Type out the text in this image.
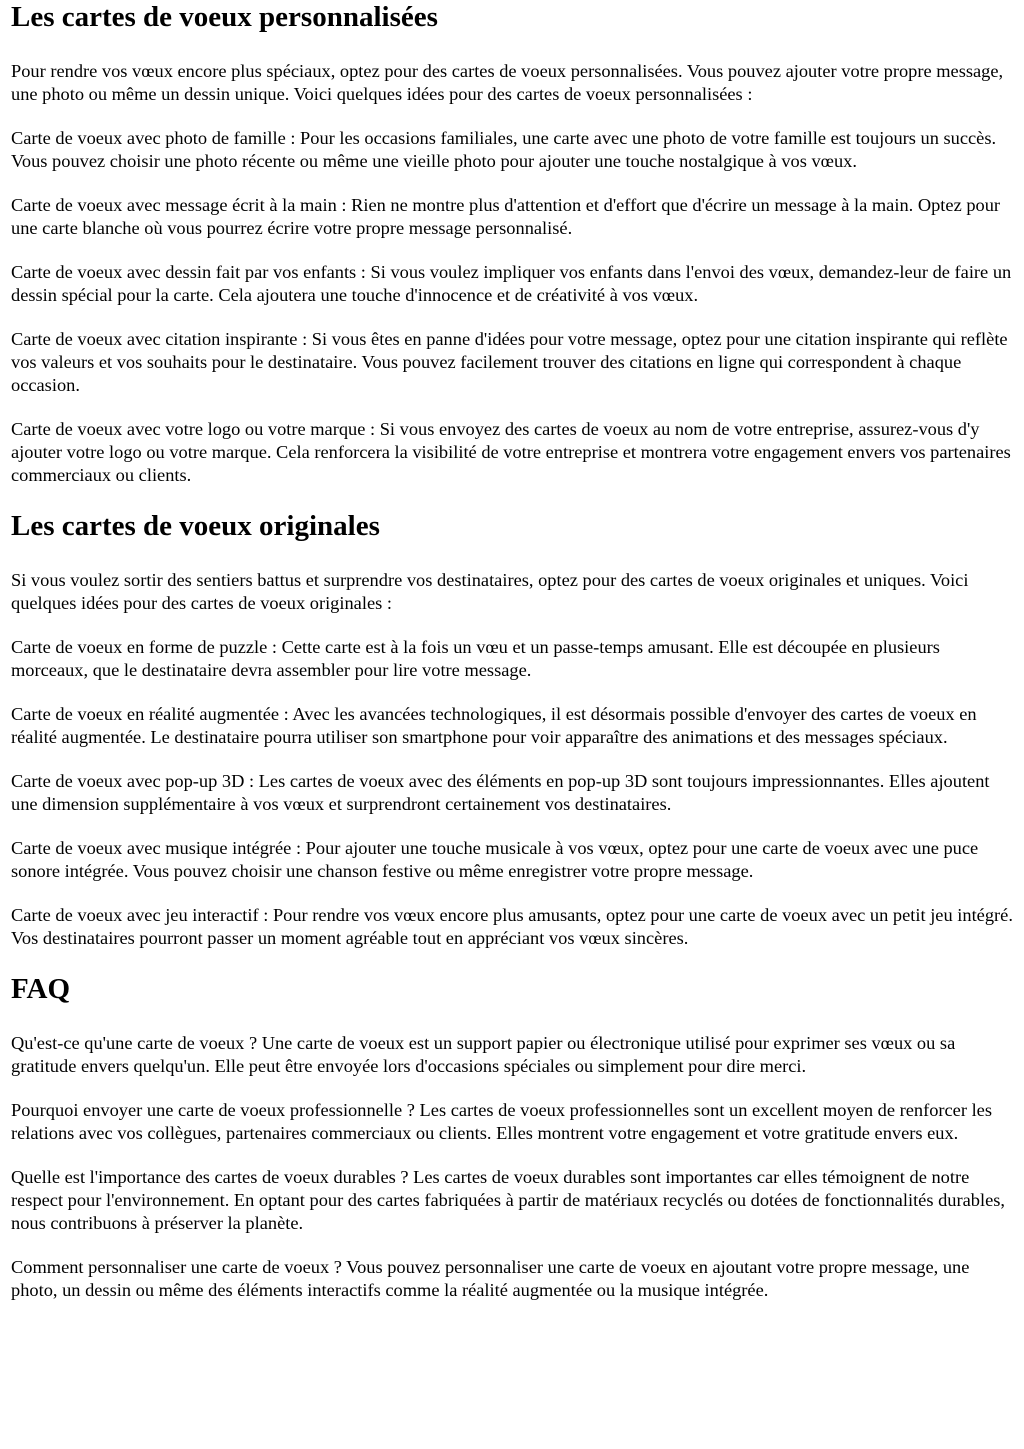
Les cartes de voeux personnalisées

Pour rendre vos vœux encore plus spéciaux, optez pour des cartes de voeux personnalisées. Vous pouvez ajouter votre propre message, une photo ou même un dessin unique. Voici quelques idées pour des cartes de voeux personnalisées :

Carte de voeux avec photo de famille : Pour les occasions familiales, une carte avec une photo de votre famille est toujours un succès. Vous pouvez choisir une photo récente ou même une vieille photo pour ajouter une touche nostalgique à vos vœux.

Carte de voeux avec message écrit à la main : Rien ne montre plus d'attention et d'effort que d'écrire un message à la main. Optez pour une carte blanche où vous pourrez écrire votre propre message personnalisé.

Carte de voeux avec dessin fait par vos enfants : Si vous voulez impliquer vos enfants dans l'envoi des vœux, demandez-leur de faire un dessin spécial pour la carte. Cela ajoutera une touche d'innocence et de créativité à vos vœux.

Carte de voeux avec citation inspirante : Si vous êtes en panne d'idées pour votre message, optez pour une citation inspirante qui reflète vos valeurs et vos souhaits pour le destinataire. Vous pouvez facilement trouver des citations en ligne qui correspondent à chaque occasion.

Carte de voeux avec votre logo ou votre marque : Si vous envoyez des cartes de voeux au nom de votre entreprise, assurez-vous d'y ajouter votre logo ou votre marque. Cela renforcera la visibilité de votre entreprise et montrera votre engagement envers vos partenaires commerciaux ou clients.

Les cartes de voeux originales

Si vous voulez sortir des sentiers battus et surprendre vos destinataires, optez pour des cartes de voeux originales et uniques. Voici quelques idées pour des cartes de voeux originales :

Carte de voeux en forme de puzzle : Cette carte est à la fois un vœu et un passe-temps amusant. Elle est découpée en plusieurs morceaux, que le destinataire devra assembler pour lire votre message.

Carte de voeux en réalité augmentée : Avec les avancées technologiques, il est désormais possible d'envoyer des cartes de voeux en réalité augmentée. Le destinataire pourra utiliser son smartphone pour voir apparaître des animations et des messages spéciaux.

Carte de voeux avec pop-up 3D : Les cartes de voeux avec des éléments en pop-up 3D sont toujours impressionnantes. Elles ajoutent une dimension supplémentaire à vos vœux et surprendront certainement vos destinataires.

Carte de voeux avec musique intégrée : Pour ajouter une touche musicale à vos vœux, optez pour une carte de voeux avec une puce sonore intégrée. Vous pouvez choisir une chanson festive ou même enregistrer votre propre message.

Carte de voeux avec jeu interactif : Pour rendre vos vœux encore plus amusants, optez pour une carte de voeux avec un petit jeu intégré. Vos destinataires pourront passer un moment agréable tout en appréciant vos vœux sincères.

FAQ

Qu'est-ce qu'une carte de voeux ? Une carte de voeux est un support papier ou électronique utilisé pour exprimer ses vœux ou sa gratitude envers quelqu'un. Elle peut être envoyée lors d'occasions spéciales ou simplement pour dire merci.

Pourquoi envoyer une carte de voeux professionnelle ? Les cartes de voeux professionnelles sont un excellent moyen de renforcer les relations avec vos collègues, partenaires commerciaux ou clients. Elles montrent votre engagement et votre gratitude envers eux.

Quelle est l'importance des cartes de voeux durables ? Les cartes de voeux durables sont importantes car elles témoignent de notre respect pour l'environnement. En optant pour des cartes fabriquées à partir de matériaux recyclés ou dotées de fonctionnalités durables, nous contribuons à préserver la planète.

Comment personnaliser une carte de voeux ? Vous pouvez personnaliser une carte de voeux en ajoutant votre propre message, une photo, un dessin ou même des éléments interactifs comme la réalité augmentée ou la musique intégrée.
